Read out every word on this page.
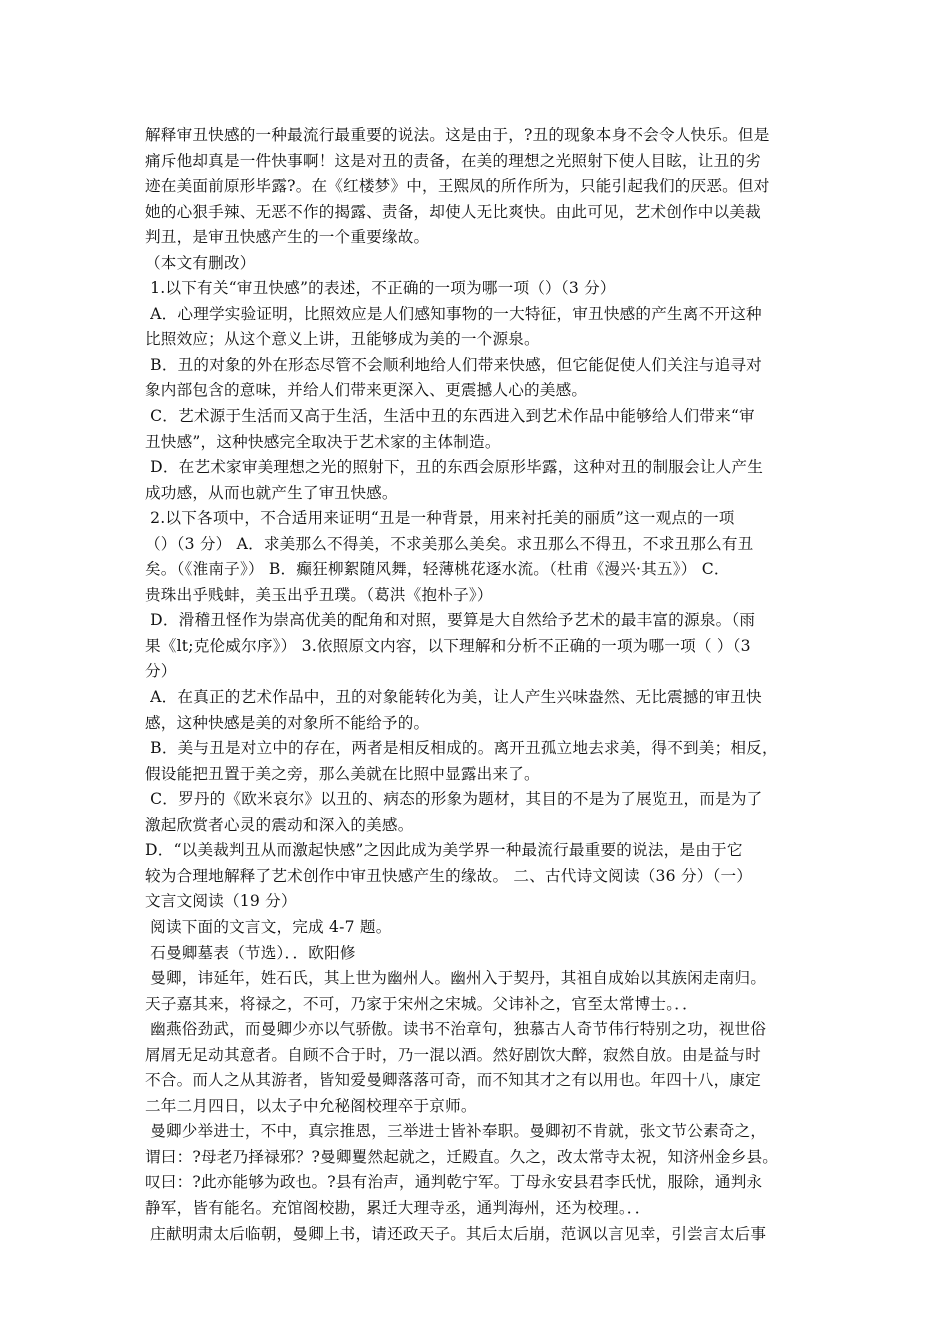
解释审丑快感的一种最流行最重要的说法。这是由于，?丑的现象本身不会令人快乐。但是
痛斥他却真是一件快事啊！这是对丑的责备，在美的理想之光照射下使人目眩，让丑的劣
迹在美面前原形毕露?。在《红楼梦》中，王熙凤的所作所为，只能引起我们的厌恶。但对
她的心狠手辣、无恶不作的揭露、责备，却使人无比爽快。由此可见，艺术创作中以美裁
判丑，是审丑快感产生的一个重要缘故。
（本文有删改）
1.以下有关“审丑快感”的表述，不正确的一项为哪一项（）（3 分）
A．心理学实验证明，比照效应是人们感知事物的一大特征，审丑快感的产生离不开这种
比照效应；从这个意义上讲，丑能够成为美的一个源泉。
B．丑的对象的外在形态尽管不会顺利地给人们带来快感，但它能促使人们关注与追寻对
象内部包含的意味，并给人们带来更深入、更震撼人心的美感。
C．艺术源于生活而又高于生活，生活中丑的东西进入到艺术作品中能够给人们带来“审
丑快感”，这种快感完全取决于艺术家的主体制造。
D．在艺术家审美理想之光的照射下，丑的东西会原形毕露，这种对丑的制服会让人产生
成功感，从而也就产生了审丑快感。
2.以下各项中，不合适用来证明“丑是一种背景，用来衬托美的丽质”这一观点的一项
（）（3 分） A．求美那么不得美，不求美那么美矣。求丑那么不得丑，不求丑那么有丑
矣。（《淮南子》） B．癫狂柳絮随风舞，轻薄桃花逐水流。（杜甫《漫兴·其五》） C．
贵珠出乎贱蚌，美玉出乎丑璞。（葛洪《抱朴子》）
D．滑稽丑怪作为崇高优美的配角和对照，要算是大自然给予艺术的最丰富的源泉。（雨
果《lt;克伦威尔序》） 3.依照原文内容，以下理解和分析不正确的一项为哪一项（ ）（3
分）
A．在真正的艺术作品中，丑的对象能转化为美，让人产生兴味盎然、无比震撼的审丑快
感，这种快感是美的对象所不能给予的。
B．美与丑是对立中的存在，两者是相反相成的。离开丑孤立地去求美，得不到美；相反，
假设能把丑置于美之旁，那么美就在比照中显露出来了。
C．罗丹的《欧米哀尔》以丑的、病态的形象为题材，其目的不是为了展览丑，而是为了
激起欣赏者心灵的震动和深入的美感。
D．“以美裁判丑从而激起快感”之因此成为美学界一种最流行最重要的说法，是由于它
较为合理地解释了艺术创作中审丑快感产生的缘故。 二、古代诗文阅读（36 分）（一）
文言文阅读（19 分）
阅读下面的文言文，完成 4-7 题。
石曼卿墓表（节选）．．欧阳修
曼卿，讳延年，姓石氏，其上世为幽州人。幽州入于契丹，其祖自成始以其族闲走南归。
天子嘉其来，将禄之，不可，乃家于宋州之宋城。父讳补之，官至太常博士。．．
幽燕俗劲武，而曼卿少亦以气骄傲。读书不治章句，独慕古人奇节伟行特别之功，视世俗
屑屑无足动其意者。自顾不合于时，乃一混以酒。然好剧饮大醉，寂然自放。由是益与时
不合。而人之从其游者，皆知爱曼卿落落可奇，而不知其才之有以用也。年四十八，康定
二年二月四日，以太子中允秘阁校理卒于京师。
曼卿少举进士，不中，真宗推恩，三举进士皆补奉职。曼卿初不肯就，张文节公素奇之，
谓曰：?母老乃择禄邪？?曼卿矍然起就之，迁殿直。久之，改太常寺太祝，知济州金乡县。
叹曰：?此亦能够为政也。?县有治声，通判乾宁军。丁母永安县君李氏忧，服除，通判永
静军，皆有能名。充馆阁校勘，累迁大理寺丞，通判海州，还为校理。．．
庄献明肃太后临朝，曼卿上书，请还政天子。其后太后崩，范讽以言见幸，引尝言太后事
